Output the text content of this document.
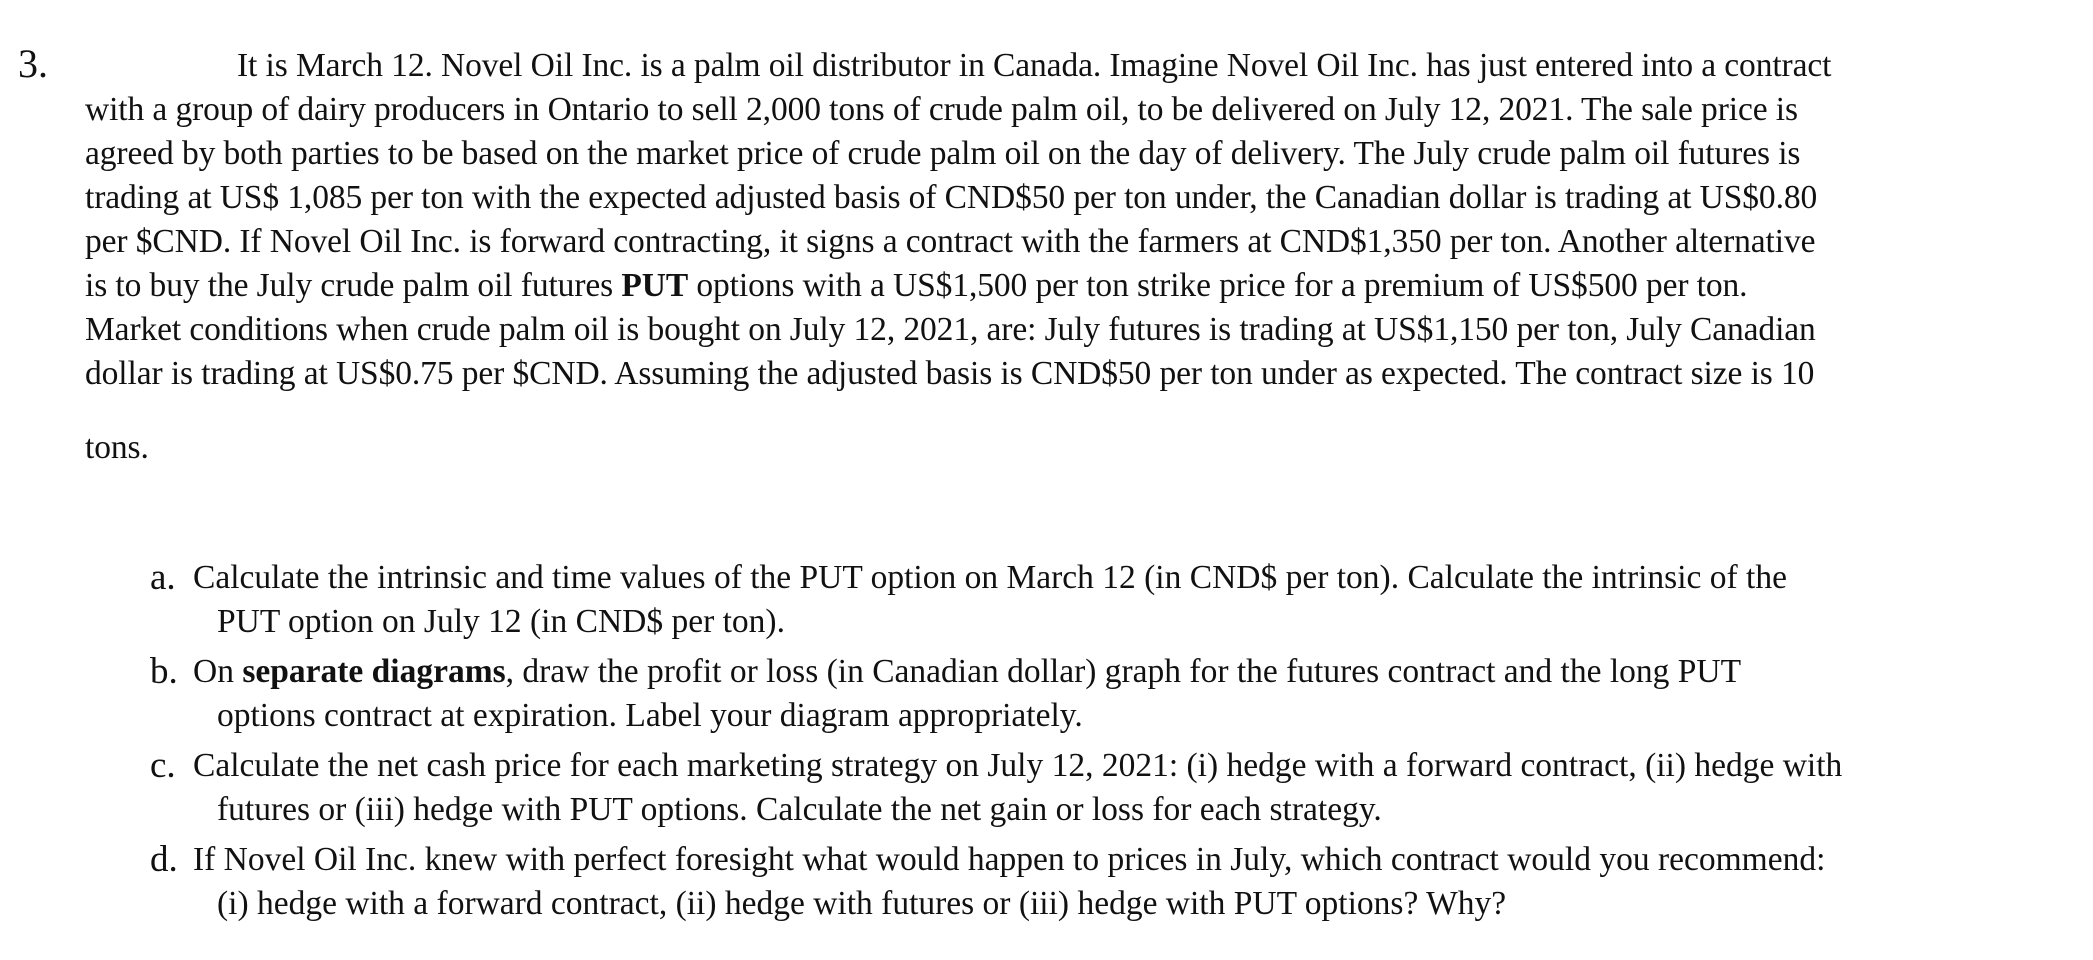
3.	It is March 12. Novel Oil Inc. is a palm oil distributor in Canada. Imagine Novel Oil Inc. has just entered into a contract
with a group of dairy producers in Ontario to sell 2,000 tons of crude palm oil, to be delivered on July 12, 2021. The sale price is
agreed by both parties to be based on the market price of crude palm oil on the day of delivery. The July crude palm oil futures is
trading at US$ 1,085 per ton with the expected adjusted basis of CND$50 per ton under, the Canadian dollar is trading at US$0.80
per $CND. If Novel Oil Inc. is forward contracting, it signs a contract with the farmers at CND$1,350 per ton. Another alternative
is to buy the July crude palm oil futures PUT options with a US$1,500 per ton strike price for a premium of US$500 per ton.
Market conditions when crude palm oil is bought on July 12, 2021, are: July futures is trading at US$1,150 per ton, July Canadian
dollar is trading at US$0.75 per $CND. Assuming the adjusted basis is CND$50 per ton under as expected. The contract size is 10
tons.
a. Calculate the intrinsic and time values of the PUT option on March 12 (in CND$ per ton). Calculate the intrinsic of the
PUT option on July 12 (in CND$ per ton).
b. On separate diagrams, draw the profit or loss (in Canadian dollar) graph for the futures contract and the long PUT
options contract at expiration. Label your diagram appropriately.
c. Calculate the net cash price for each marketing strategy on July 12, 2021: (i) hedge with a forward contract, (ii) hedge with
futures or (iii) hedge with PUT options. Calculate the net gain or loss for each strategy.
d. If Novel Oil Inc. knew with perfect foresight what would happen to prices in July, which contract would you recommend:
(i) hedge with a forward contract, (ii) hedge with futures or (iii) hedge with PUT options? Why?
